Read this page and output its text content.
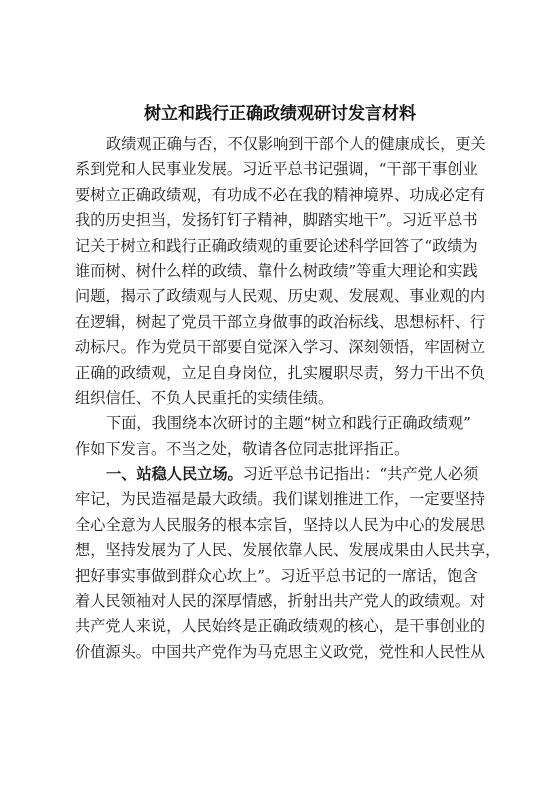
树立和践行正确政绩观研讨发言材料
政绩观正确与否，不仅影响到干部个人的健康成长，更关
系到党和人民事业发展。习近平总书记强调，“干部干事创业
要树立正确政绩观，有功成不必在我的精神境界、功成必定有
我的历史担当，发扬钉钉子精神，脚踏实地干”。习近平总书
记关于树立和践行正确政绩观的重要论述科学回答了“政绩为
谁而树、树什么样的政绩、靠什么树政绩”等重大理论和实践
问题，揭示了政绩观与人民观、历史观、发展观、事业观的内
在逻辑，树起了党员干部立身做事的政治标线、思想标杆、行
动标尺。作为党员干部要自觉深入学习、深刻领悟，牢固树立
正确的政绩观，立足自身岗位，扎实履职尽责，努力干出不负
组织信任、不负人民重托的实绩佳绩。
下面，我围绕本次研讨的主题“树立和践行正确政绩观”
作如下发言。不当之处，敬请各位同志批评指正。
一、站稳人民立场。习近平总书记指出：“共产党人必须
牢记，为民造福是最大政绩。我们谋划推进工作，一定要坚持
全心全意为人民服务的根本宗旨，坚持以人民为中心的发展思
想，坚持发展为了人民、发展依靠人民、发展成果由人民共享，
把好事实事做到群众心坎上”。习近平总书记的一席话，饱含
着人民领袖对人民的深厚情感，折射出共产党人的政绩观。对
共产党人来说，人民始终是正确政绩观的核心，是干事创业的
价值源头。中国共产党作为马克思主义政党，党性和人民性从
